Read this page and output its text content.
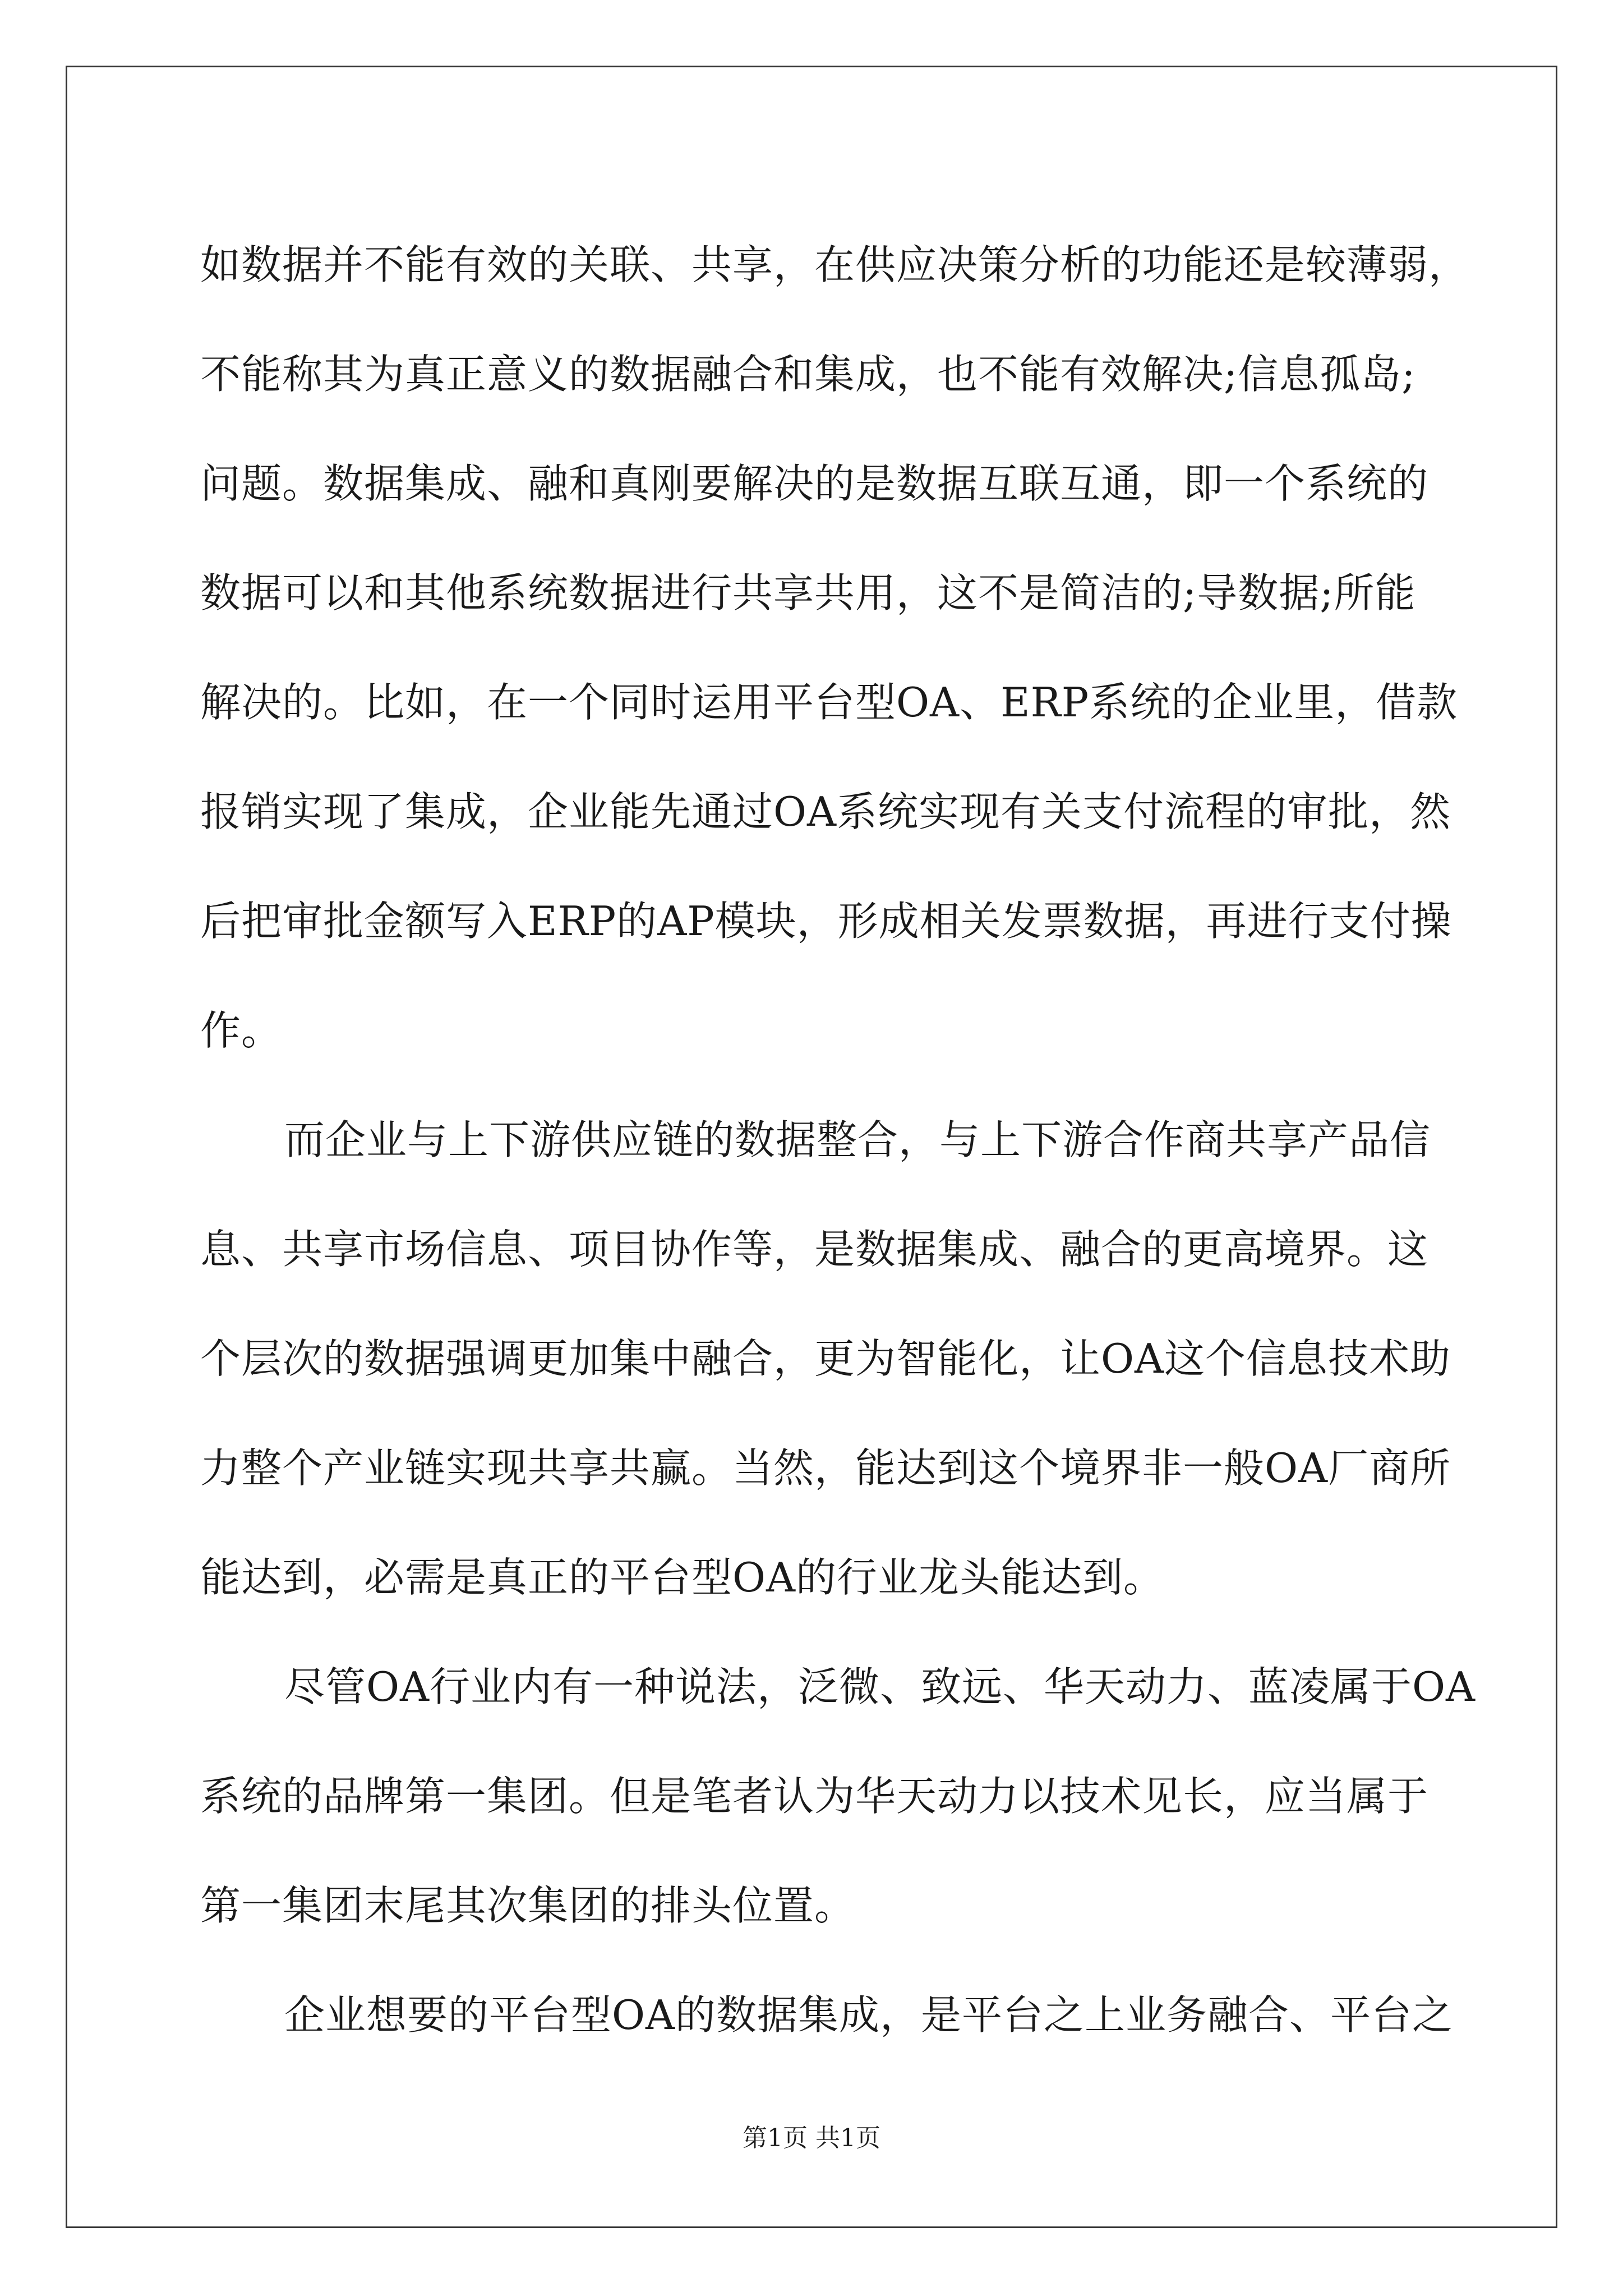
如数据并不能有效的关联、共享，在供应决策分析的功能还是较薄弱，
不能称其为真正意义的数据融合和集成，也不能有效解决;信息孤岛;
问题。数据集成、融和真刚要解决的是数据互联互通，即一个系统的
数据可以和其他系统数据进行共享共用，这不是简洁的;导数据;所能
解决的。比如，在一个同时运用平台型OA、ERP系统的企业里，借款
报销实现了集成，企业能先通过OA系统实现有关支付流程的审批，然
后把审批金额写入ERP的AP模块，形成相关发票数据，再进行支付操
作。
而企业与上下游供应链的数据整合，与上下游合作商共享产品信
息、共享市场信息、项目协作等，是数据集成、融合的更高境界。这
个层次的数据强调更加集中融合，更为智能化，让OA这个信息技术助
力整个产业链实现共享共赢。当然，能达到这个境界非一般OA厂商所
能达到，必需是真正的平台型OA的行业龙头能达到。
尽管OA行业内有一种说法，泛微、致远、华天动力、蓝凌属于OA
系统的品牌第一集团。但是笔者认为华天动力以技术见长，应当属于
第一集团末尾其次集团的排头位置。
企业想要的平台型OA的数据集成，是平台之上业务融合、平台之
第1页 共1页
